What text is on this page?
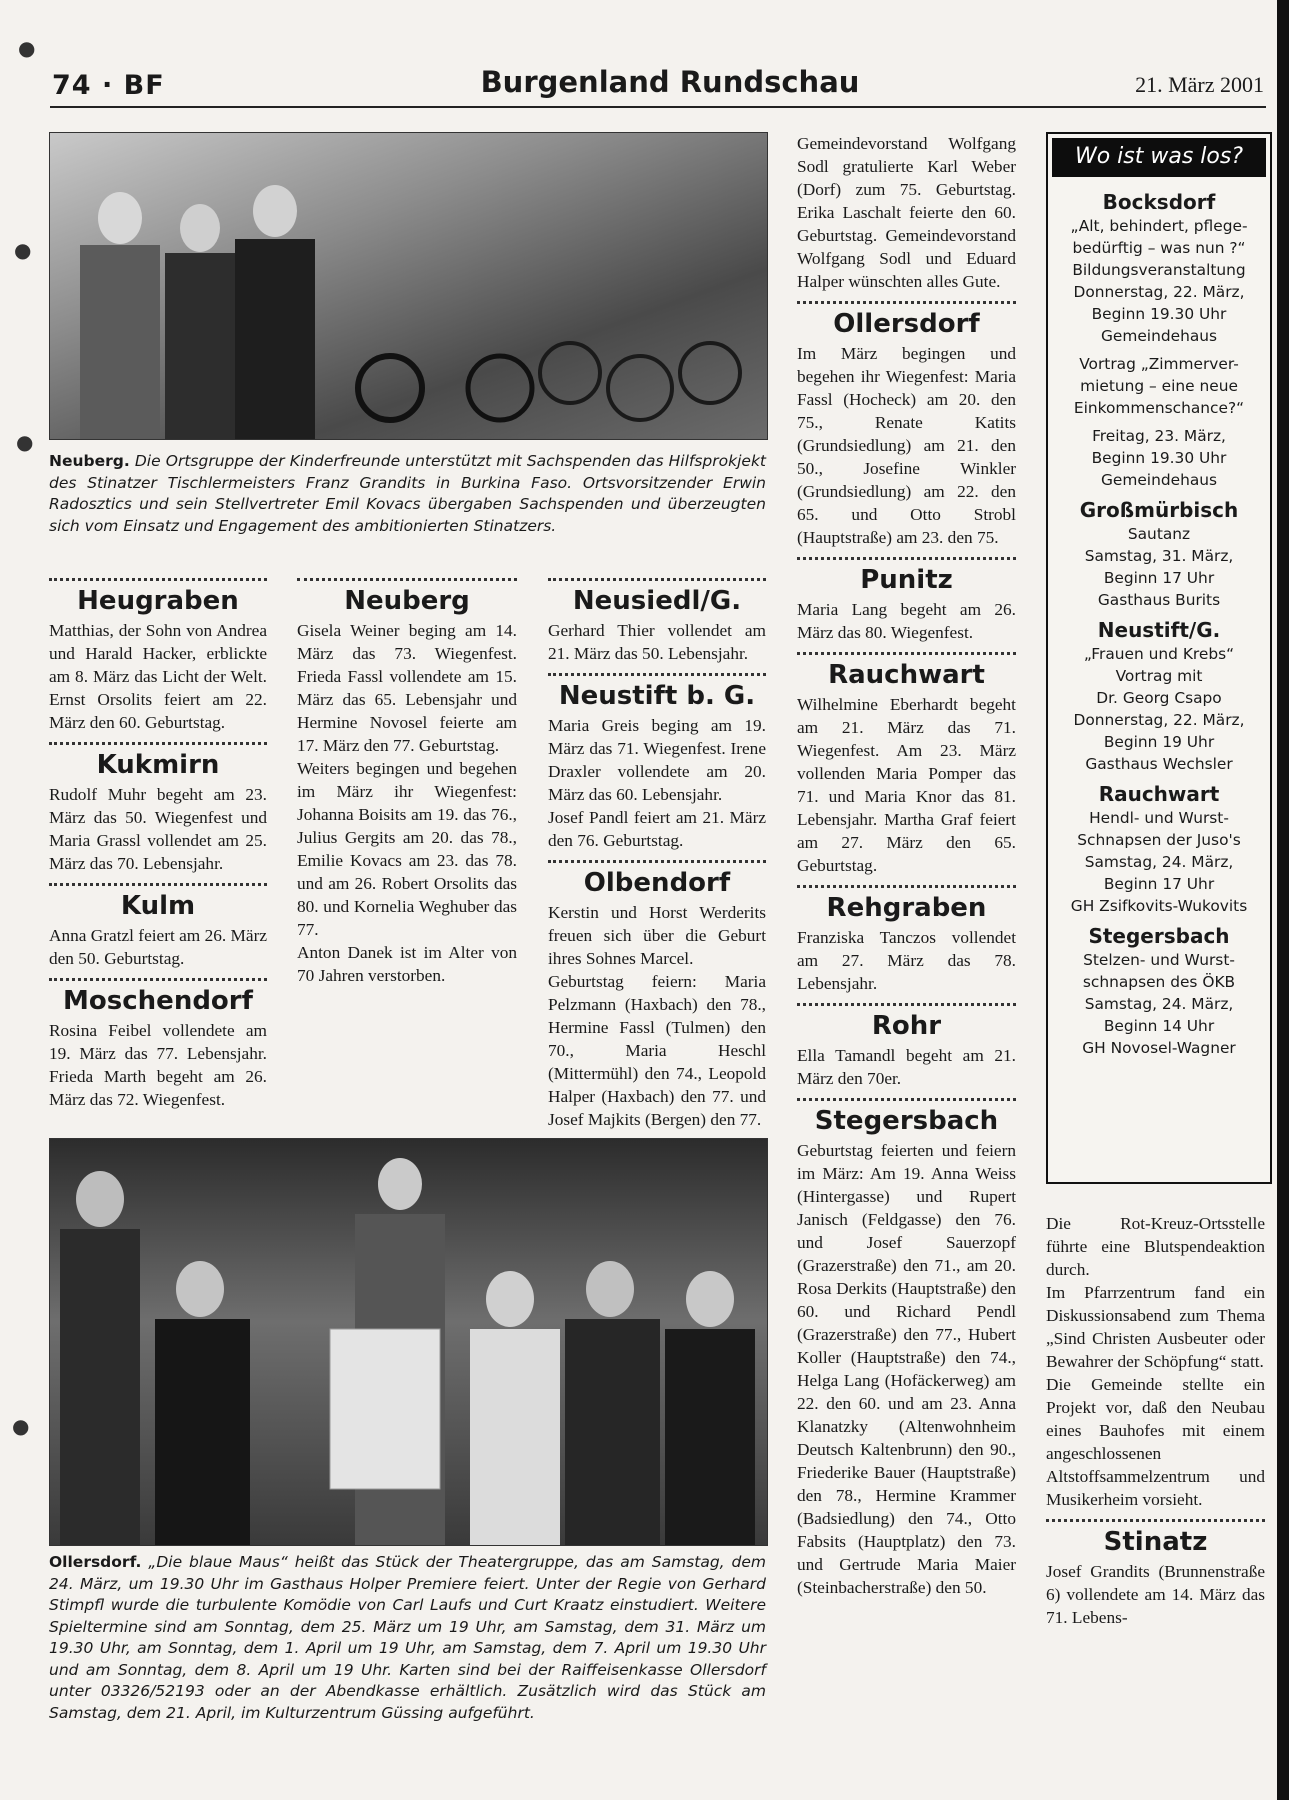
●
●
●
●
74 · BF	Burgenland Rundschau	21. März 2001
Neuberg. Die Ortsgruppe der Kinderfreunde unterstützt mit Sachspenden das Hilfsprokjekt des Stinatzer Tischlermeisters Franz Grandits in Burkina Faso. Ortsvorsitzender Erwin Radosztics und sein Stellvertreter Emil Kovacs übergaben Sachspenden und überzeugten sich vom Einsatz und Engagement des ambitionierten Stinatzers.
Heugraben

Matthias, der Sohn von Andrea und Harald Hacker, erblickte am 8. März das Licht der Welt. Ernst Orsolits feiert am 22. März den 60. Geburtstag.

Kukmirn

Rudolf Muhr begeht am 23. März das 50. Wiegenfest und Maria Grassl vollendet am 25. März das 70. Lebensjahr.

Kulm

Anna Gratzl feiert am 26. März den 50. Geburtstag.

Moschendorf

Rosina Feibel vollendete am 19. März das 77. Lebensjahr. Frieda Marth begeht am 26. März das 72. Wiegenfest.

Neuberg

Gisela Weiner beging am 14. März das 73. Wiegenfest. Frieda Fassl vollendete am 15. März das 65. Lebensjahr und Hermine Novosel feierte am 17. März den 77. Geburtstag.

Weiters begingen und begehen im März ihr Wiegenfest: Johanna Boisits am 19. das 76., Julius Gergits am 20. das 78., Emilie Kovacs am 23. das 78. und am 26. Robert Orsolits das 80. und Kornelia Weghuber das 77.

Anton Danek ist im Alter von 70 Jahren verstorben.

Neusiedl/G.

Gerhard Thier vollendet am 21. März das 50. Lebensjahr.

Neustift b. G.

Maria Greis beging am 19. März das 71. Wiegenfest. Irene Draxler vollendete am 20. März das 60. Lebensjahr.

Josef Pandl feiert am 21. März den 76. Geburtstag.

Olbendorf

Kerstin und Horst Werderits freuen sich über die Geburt ihres Sohnes Marcel.

Geburtstag feiern: Maria Pelzmann (Haxbach) den 78., Hermine Fassl (Tulmen) den 70., Maria Heschl (Mittermühl) den 74., Leopold Halper (Haxbach) den 77. und Josef Majkits (Bergen) den 77.

Gemeindevorstand Wolfgang Sodl gratulierte Karl Weber (Dorf) zum 75. Geburtstag. Erika Laschalt feierte den 60. Geburtstag. Gemeindevorstand Wolfgang Sodl und Eduard Halper wünschten alles Gute.

Ollersdorf

Im März begingen und begehen ihr Wiegenfest: Maria Fassl (Hocheck) am 20. den 75., Renate Katits (Grundsiedlung) am 21. den 50., Josefine Winkler (Grundsiedlung) am 22. den 65. und Otto Strobl (Hauptstraße) am 23. den 75.

Punitz

Maria Lang begeht am 26. März das 80. Wiegenfest.

Rauchwart

Wilhelmine Eberhardt begeht am 21. März das 71. Wiegenfest. Am 23. März vollenden Maria Pomper das 71. und Maria Knor das 81. Lebensjahr. Martha Graf feiert am 27. März den 65. Geburtstag.

Rehgraben

Franziska Tanczos vollendet am 27. März das 78. Lebensjahr.

Rohr

Ella Tamandl begeht am 21. März den 70er.

Stegersbach

Geburtstag feierten und feiern im März: Am 19. Anna Weiss (Hintergasse) und Rupert Janisch (Feldgasse) den 76. und Josef Sauerzopf (Grazerstraße) den 71., am 20. Rosa Derkits (Hauptstraße) den 60. und Richard Pendl (Grazerstraße) den 77., Hubert Koller (Hauptstraße) den 74., Helga Lang (Hofäckerweg) am 22. den 60. und am 23. Anna Klanatzky (Altenwohnheim Deutsch Kaltenbrunn) den 90., Friederike Bauer (Hauptstraße) den 78., Hermine Krammer (Badsiedlung) den 74., Otto Fabsits (Hauptplatz) den 73. und Gertrude Maria Maier (Steinbacherstraße) den 50.

Die Rot-Kreuz-Ortsstelle führte eine Blutspendeaktion durch.

Im Pfarrzentrum fand ein Diskussionsabend zum Thema „Sind Christen Ausbeuter oder Bewahrer der Schöpfung“ statt.

Die Gemeinde stellte ein Projekt vor, daß den Neubau eines Bauhofes mit einem angeschlossenen Altstoffsammelzentrum und Musikerheim vorsieht.

Stinatz

Josef Grandits (Brunnenstraße 6) vollendete am 14. März das 71. Lebens-

Wo ist was los?
Bocksdorf
„Alt, behindert, pflege-
bedürftig – was nun ?“
Bildungsveranstaltung
Donnerstag, 22. März,
Beginn 19.30 Uhr
Gemeindehaus
Vortrag „Zimmerver-
mietung – eine neue
Einkommenschance?“
Freitag, 23. März,
Beginn 19.30 Uhr
Gemeindehaus
Großmürbisch
Sautanz
Samstag, 31. März,
Beginn 17 Uhr
Gasthaus Burits
Neustift/G.
„Frauen und Krebs“
Vortrag mit
Dr. Georg Csapo
Donnerstag, 22. März,
Beginn 19 Uhr
Gasthaus Wechsler
Rauchwart
Hendl- und Wurst-
Schnapsen der Juso's
Samstag, 24. März,
Beginn 17 Uhr
GH Zsifkovits-Wukovits
Stegersbach
Stelzen- und Wurst-
schnapsen des ÖKB
Samstag, 24. März,
Beginn 14 Uhr
GH Novosel-Wagner
Ollersdorf. „Die blaue Maus“ heißt das Stück der Theatergruppe, das am Samstag, dem 24. März, um 19.30 Uhr im Gasthaus Holper Premiere feiert. Unter der Regie von Gerhard Stimpfl wurde die turbulente Komödie von Carl Laufs und Curt Kraatz einstudiert. Weitere Spieltermine sind am Sonntag, dem 25. März um 19 Uhr, am Samstag, dem 31. März um 19.30 Uhr, am Sonntag, dem 1. April um 19 Uhr, am Samstag, dem 7. April um 19.30 Uhr und am Sonntag, dem 8. April um 19 Uhr. Karten sind bei der Raiffeisenkasse Ollersdorf unter 03326/52193 oder an der Abendkasse erhältlich. Zusätzlich wird das Stück am Samstag, dem 21. April, im Kulturzentrum Güssing aufgeführt.
